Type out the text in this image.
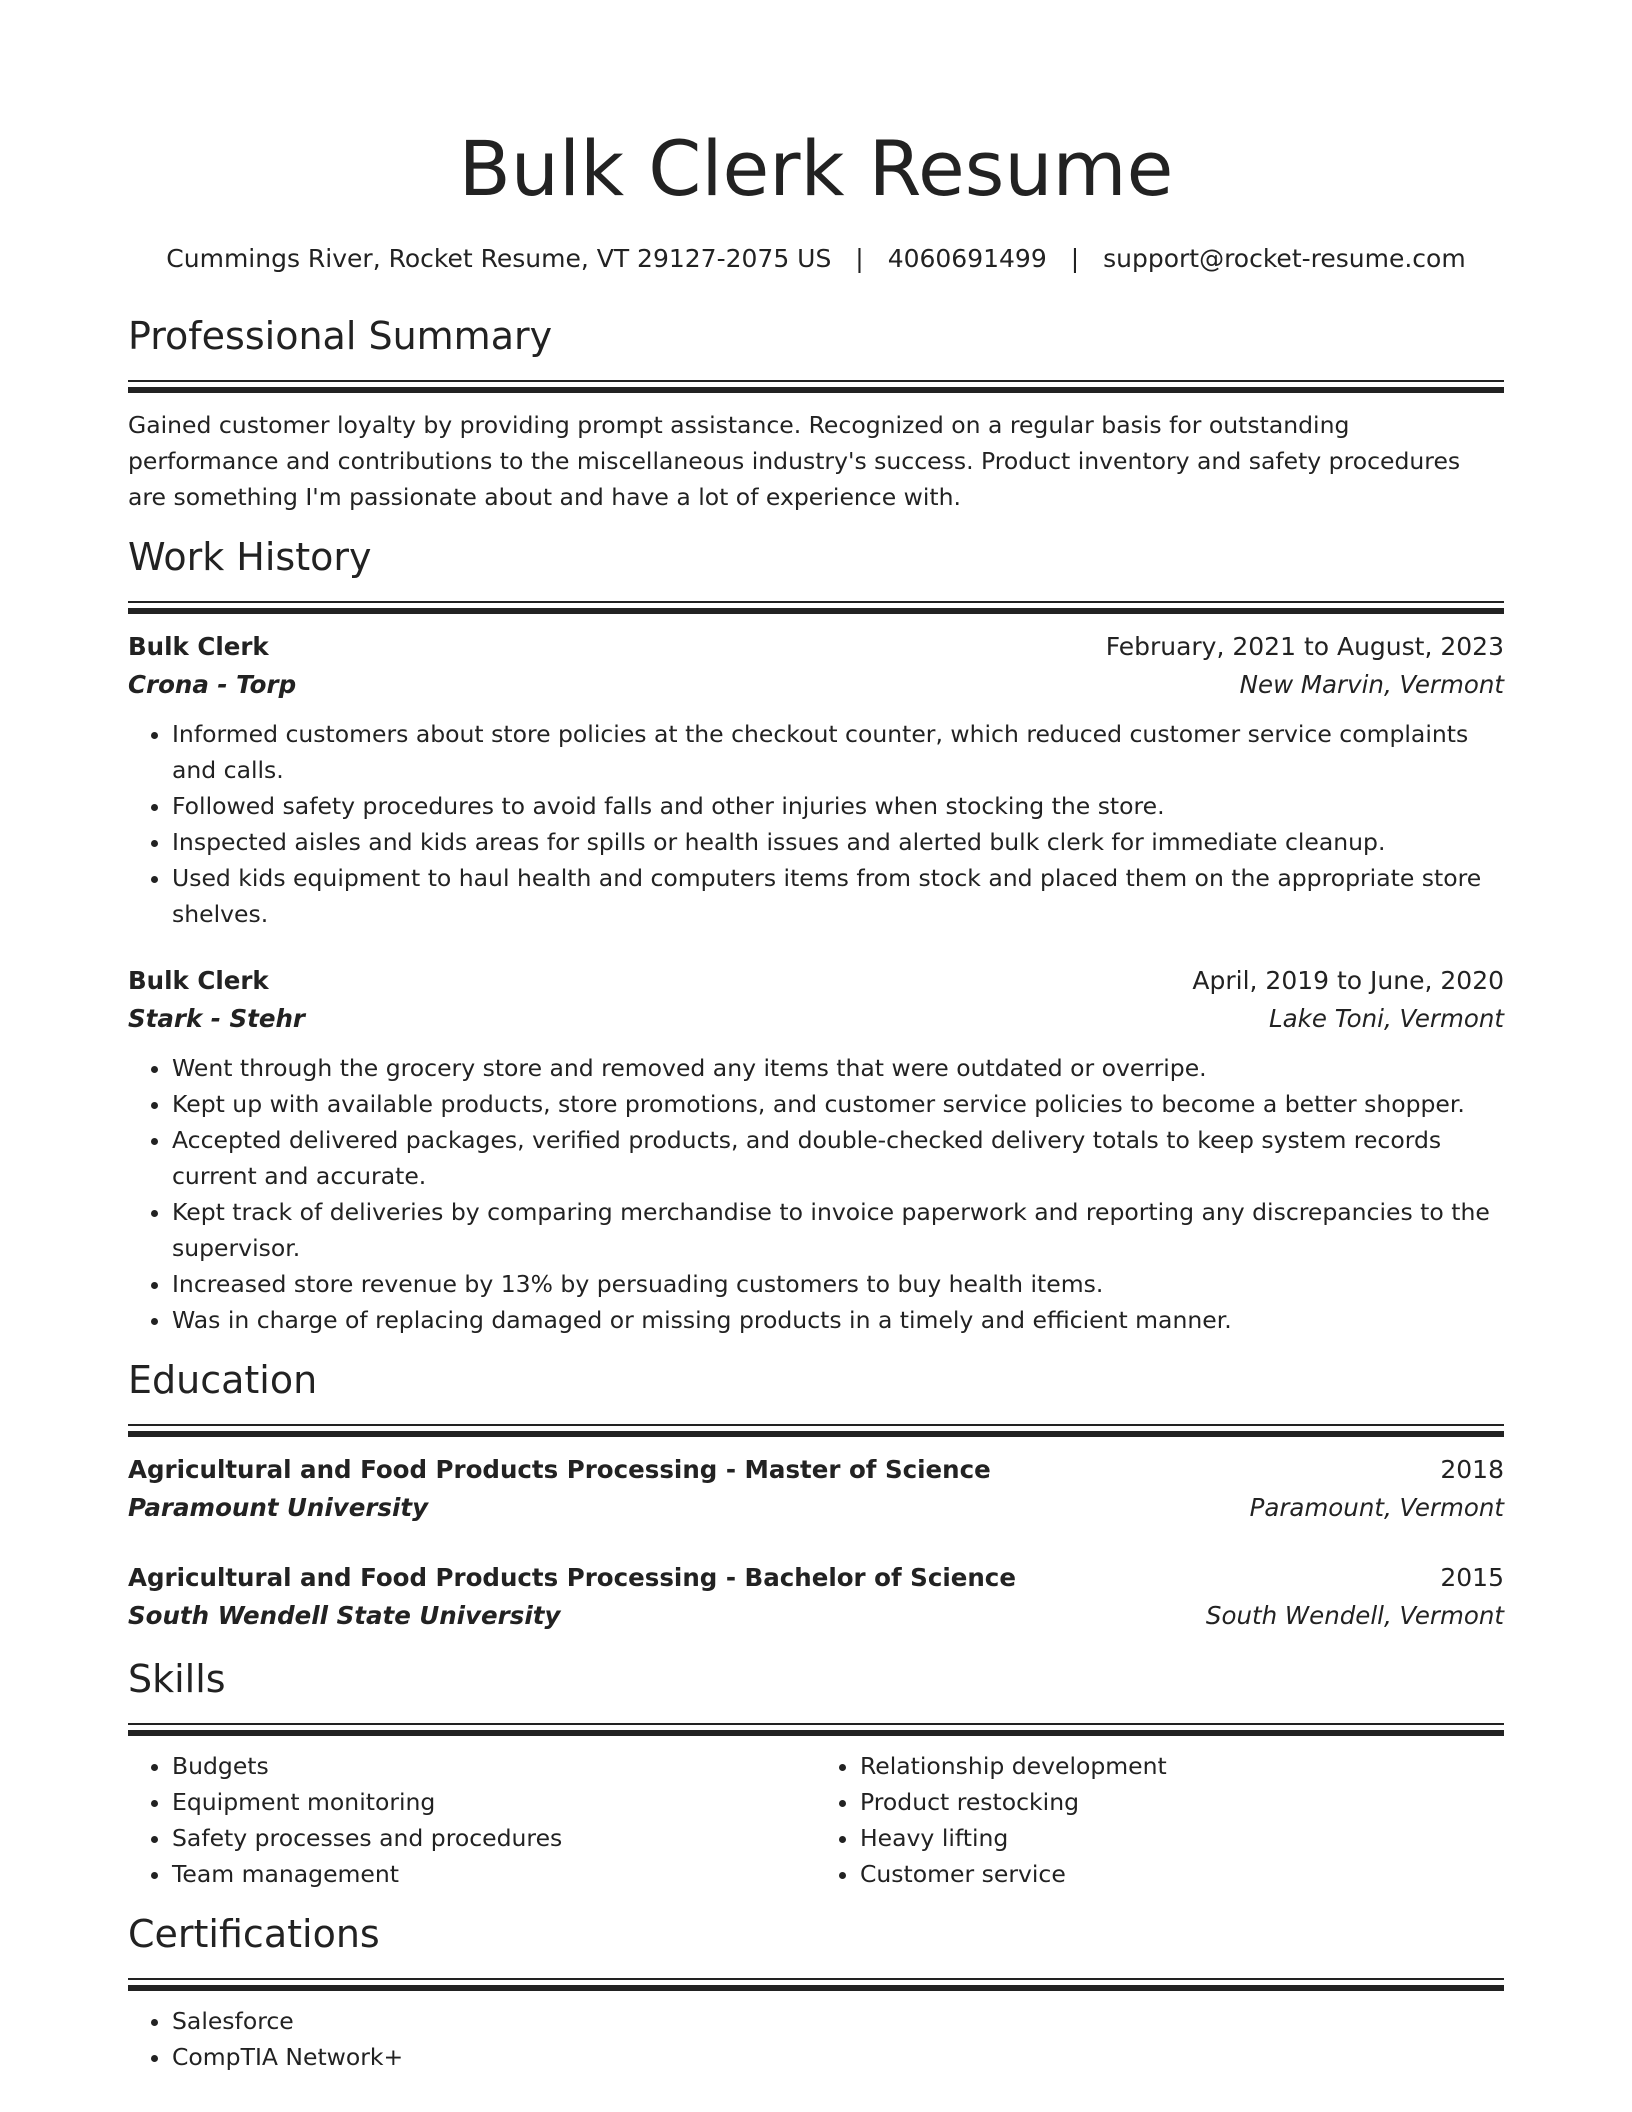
Bulk Clerk Resume
Cummings River, Rocket Resume, VT 29127-2075 US | 4060691499 | support@rocket-resume.com
Professional Summary

Gained customer loyalty by providing prompt assistance. Recognized on a regular basis for outstanding performance and contributions to the miscellaneous industry's success. Product inventory and safety procedures are something I'm passionate about and have a lot of experience with.

Work History
Bulk Clerk	February, 2021 to August, 2023
Crona - Torp	New Marvin, Vermont
• Informed customers about store policies at the checkout counter, which reduced customer service complaints and calls.
• Followed safety procedures to avoid falls and other injuries when stocking the store.
• Inspected aisles and kids areas for spills or health issues and alerted bulk clerk for immediate cleanup.
• Used kids equipment to haul health and computers items from stock and placed them on the appropriate store shelves.
Bulk Clerk	April, 2019 to June, 2020
Stark - Stehr	Lake Toni, Vermont
• Went through the grocery store and removed any items that were outdated or overripe.
• Kept up with available products, store promotions, and customer service policies to become a better shopper.
• Accepted delivered packages, verified products, and double-checked delivery totals to keep system records current and accurate.
• Kept track of deliveries by comparing merchandise to invoice paperwork and reporting any discrepancies to the supervisor.
• Increased store revenue by 13% by persuading customers to buy health items.
• Was in charge of replacing damaged or missing products in a timely and efficient manner.
Education
Agricultural and Food Products Processing - Master of Science	2018
Paramount University	Paramount, Vermont
Agricultural and Food Products Processing - Bachelor of Science	2015
South Wendell State University	South Wendell, Vermont
Skills
• Budgets
• Equipment monitoring
• Safety processes and procedures
• Team management
• Relationship development
• Product restocking
• Heavy lifting
• Customer service
Certifications
• Salesforce
• CompTIA Network+
